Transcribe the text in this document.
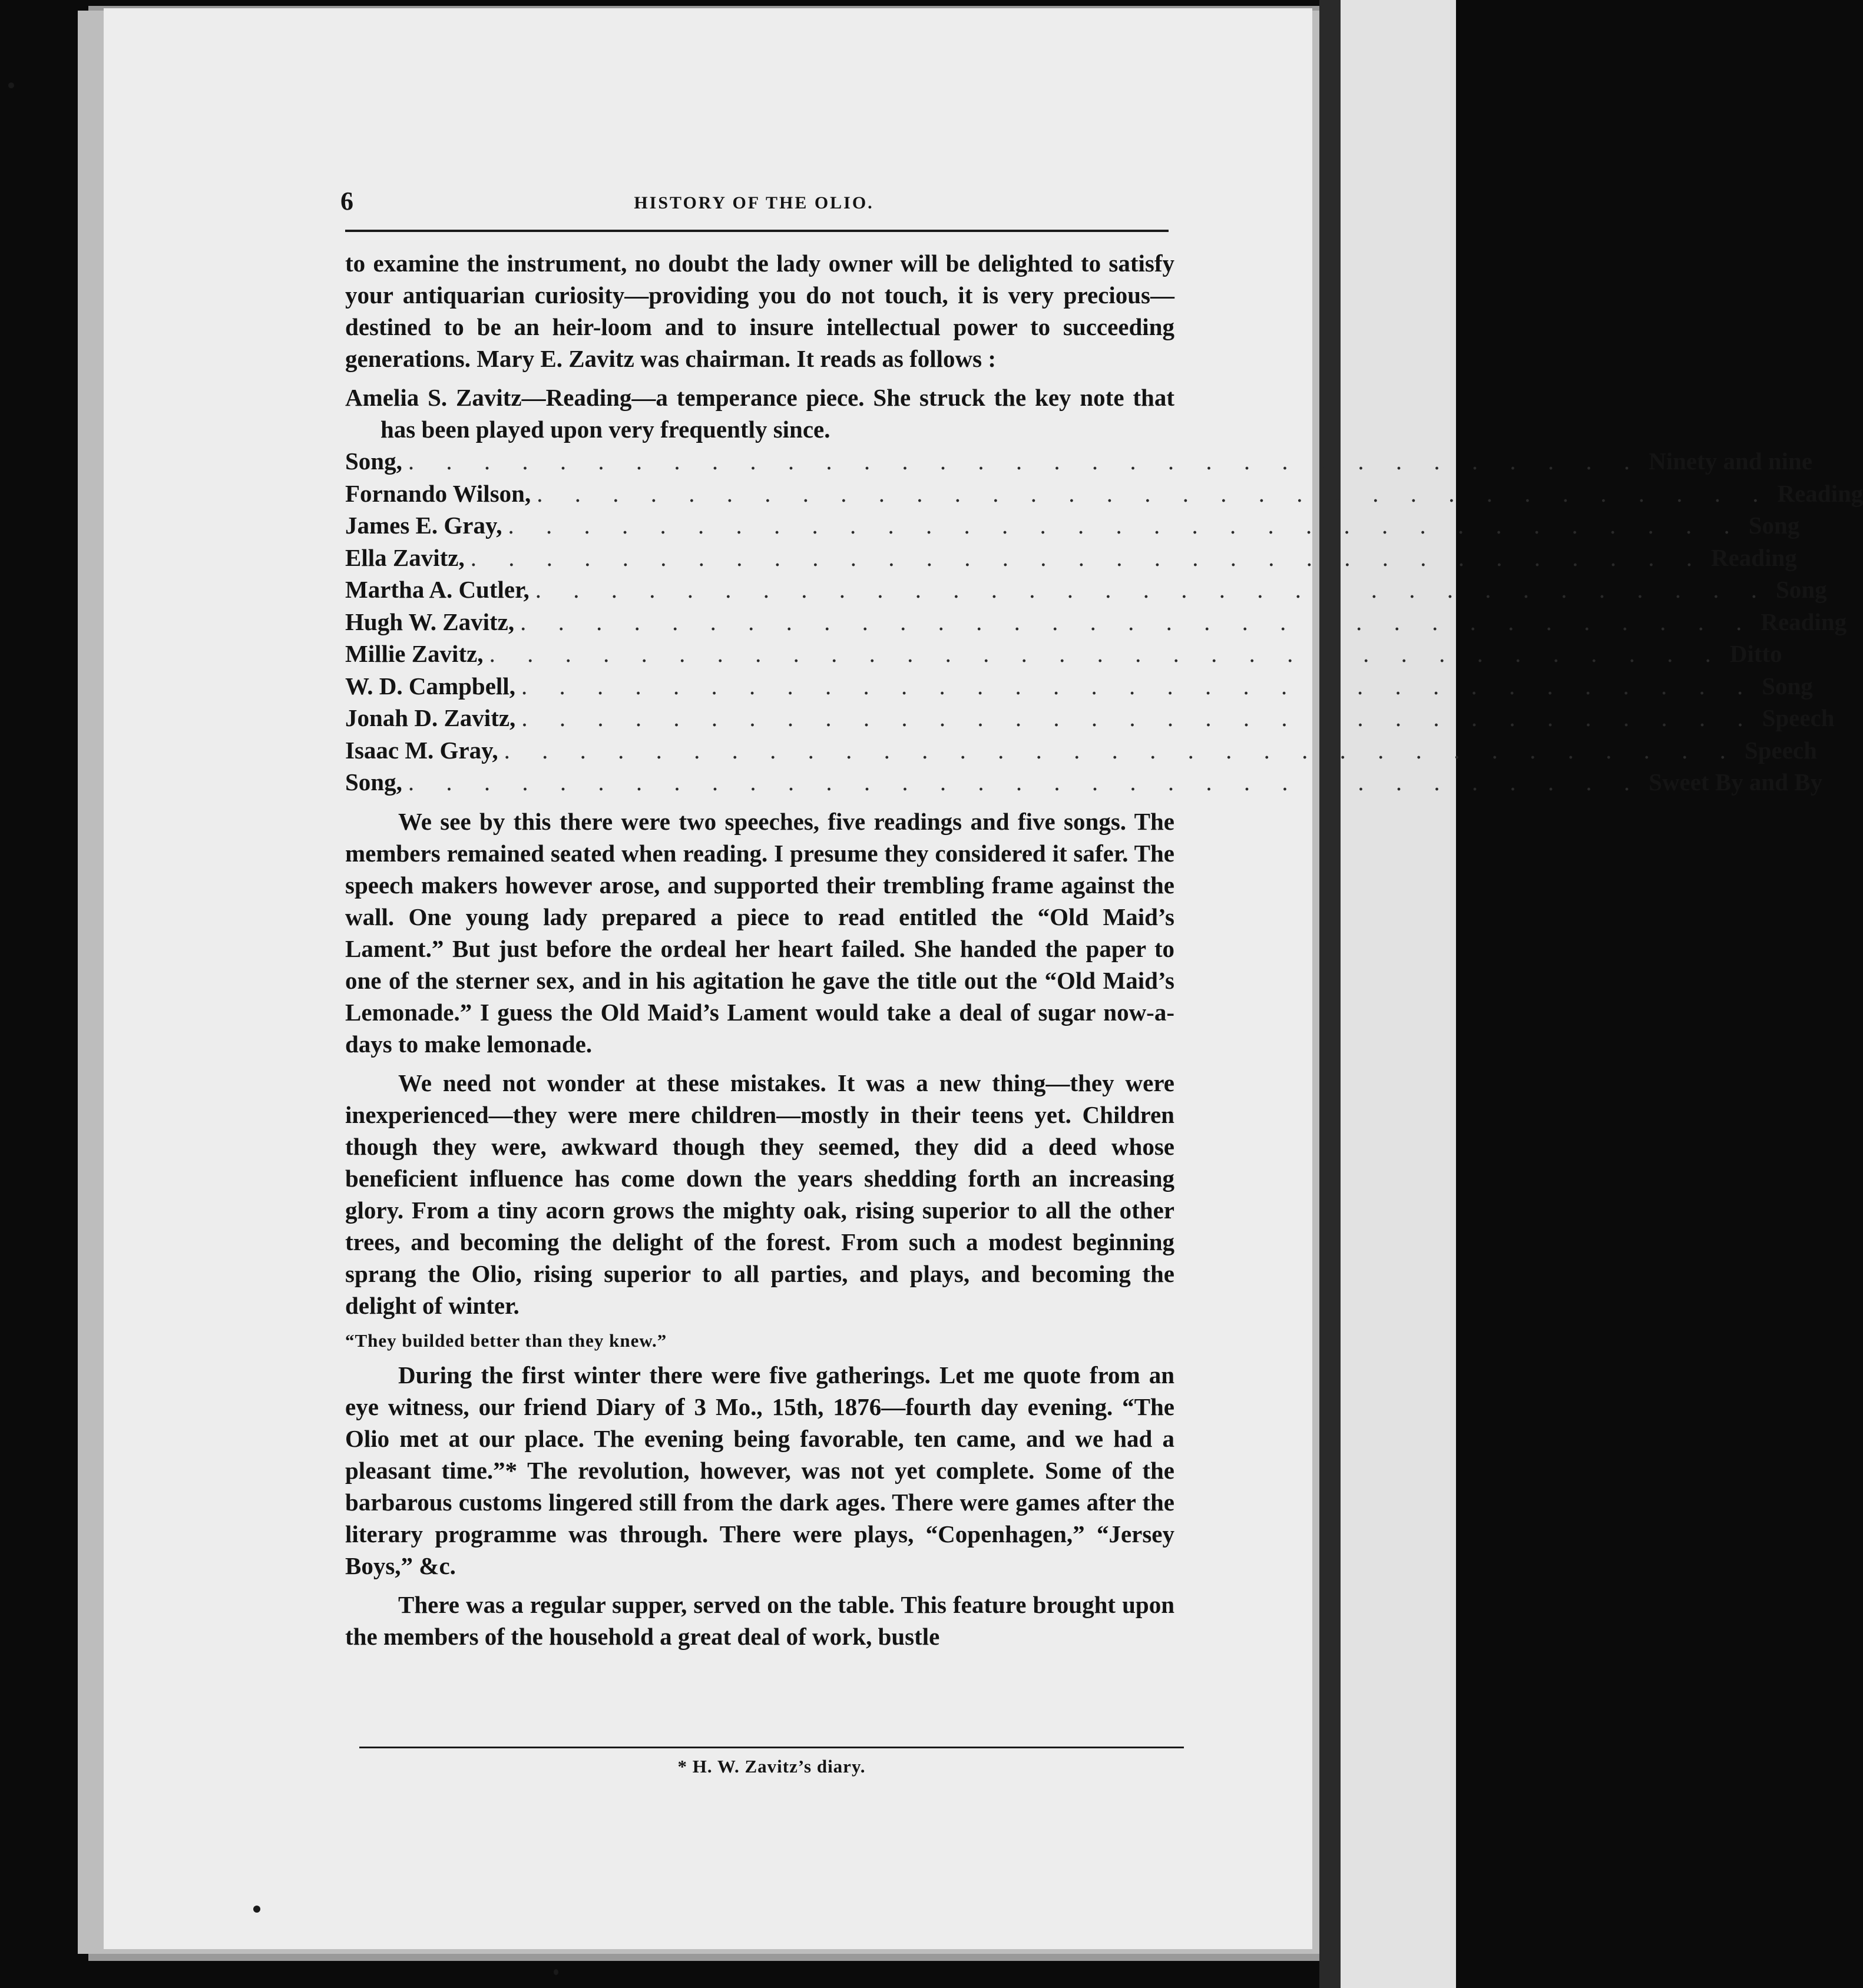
6	HISTORY OF THE OLIO.

to examine the instrument, no doubt the lady owner will be delighted to satisfy your antiquarian curiosity—providing you do not touch, it is very precious—destined to be an heir-loom and to insure intellectual power to succeeding generations. Mary E. Zavitz was chairman. It reads as follows :

Amelia S. Zavitz—Reading—a temperance piece. She struck the key note that has been played upon very frequently since.

Song, . . . . . . . . . . . . . . . . . . . . . . . . . . . . . . . . . Ninety and nine
Fornando Wilson, . . . . . . . . . . . . . . . . . . . . . . . . . . . . . . . . . Reading
James E. Gray, . . . . . . . . . . . . . . . . . . . . . . . . . . . . . . . . . Song
Ella Zavitz, . . . . . . . . . . . . . . . . . . . . . . . . . . . . . . . . . Reading
Martha A. Cutler, . . . . . . . . . . . . . . . . . . . . . . . . . . . . . . . . . Song
Hugh W. Zavitz, . . . . . . . . . . . . . . . . . . . . . . . . . . . . . . . . . Reading
Millie Zavitz, . . . . . . . . . . . . . . . . . . . . . . . . . . . . . . . . . Ditto
W. D. Campbell, . . . . . . . . . . . . . . . . . . . . . . . . . . . . . . . . . Song
Jonah D. Zavitz, . . . . . . . . . . . . . . . . . . . . . . . . . . . . . . . . . Speech
Isaac M. Gray, . . . . . . . . . . . . . . . . . . . . . . . . . . . . . . . . . Speech
Song, . . . . . . . . . . . . . . . . . . . . . . . . . . . . . . . . . Sweet By and By

We see by this there were two speeches, five readings and five songs. The members remained seated when reading. I presume they considered it safer. The speech makers however arose, and supported their trembling frame against the wall. One young lady prepared a piece to read entitled the “Old Maid’s Lament.” But just before the ordeal her heart failed. She handed the paper to one of the sterner sex, and in his agitation he gave the title out the “Old Maid’s Lemonade.” I guess the Old Maid’s Lament would take a deal of sugar now-a-days to make lemonade.

We need not wonder at these mistakes. It was a new thing—they were inexperienced—they were mere children—mostly in their teens yet. Children though they were, awkward though they seemed, they did a deed whose beneficient influence has come down the years shedding forth an increasing glory. From a tiny acorn grows the mighty oak, rising superior to all the other trees, and becoming the delight of the forest. From such a modest beginning sprang the Olio, rising superior to all parties, and plays, and becoming the delight of winter.

“They builded better than they knew.”

During the first winter there were five gatherings. Let me quote from an eye witness, our friend Diary of 3 Mo., 15th, 1876—fourth day evening. “The Olio met at our place. The evening being favorable, ten came, and we had a pleasant time.”* The revolution, however, was not yet complete. Some of the barbarous customs lingered still from the dark ages. There were games after the literary programme was through. There were plays, “Copenhagen,” “Jersey Boys,” &c.

There was a regular supper, served on the table. This feature brought upon the members of the household a great deal of work, bustle

* H. W. Zavitz’s diary.
